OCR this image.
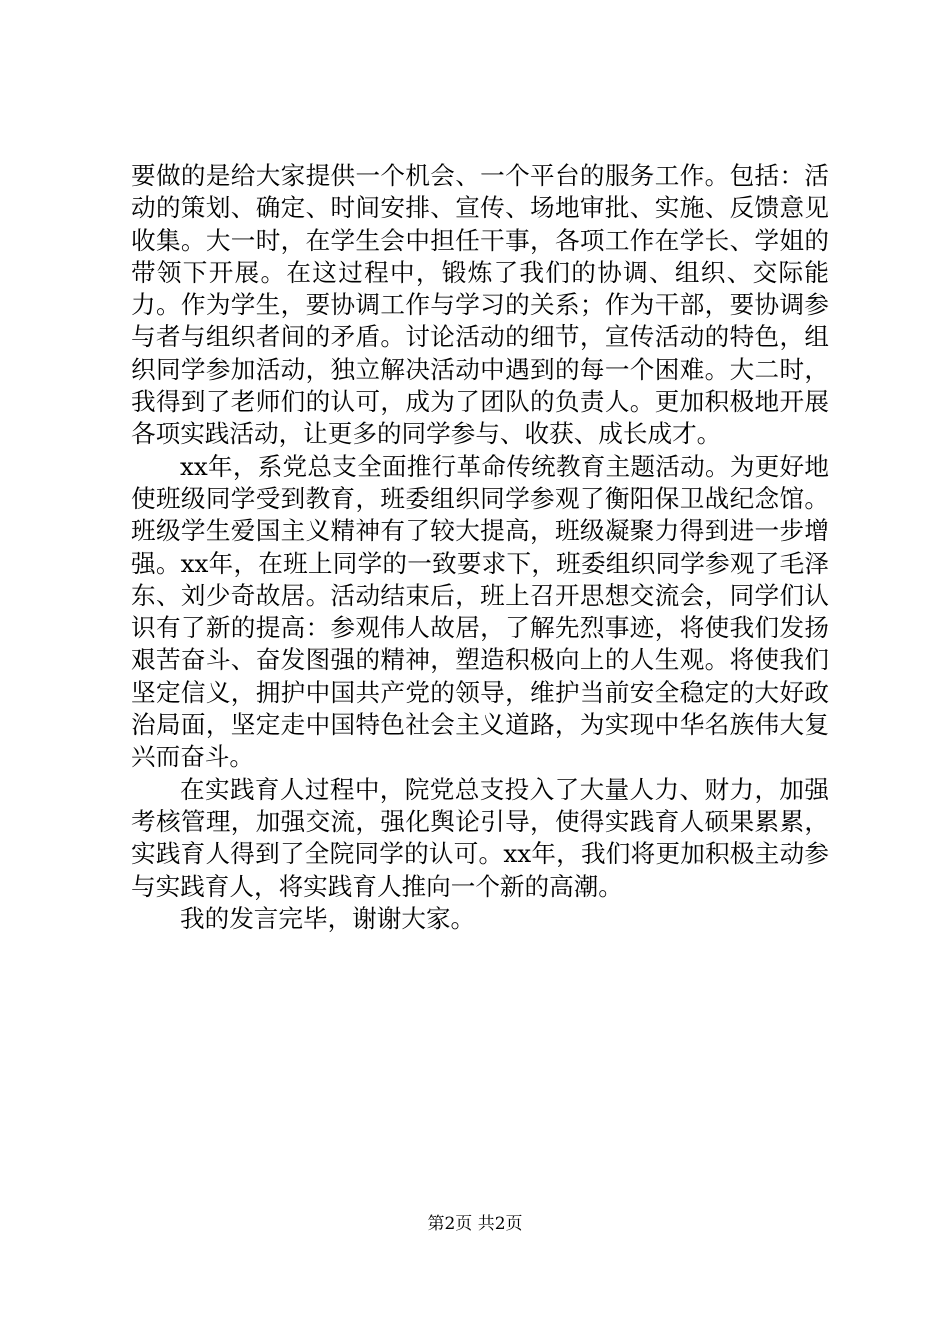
要做的是给大家提供一个机会、一个平台的服务工作。包括：活动的策划、确定、时间安排、宣传、场地审批、实施、反馈意见收集。大一时，在学生会中担任干事，各项工作在学长、学姐的带领下开展。在这过程中，锻炼了我们的协调、组织、交际能力。作为学生，要协调工作与学习的关系；作为干部，要协调参与者与组织者间的矛盾。讨论活动的细节，宣传活动的特色，组织同学参加活动，独立解决活动中遇到的每一个困难。大二时，我得到了老师们的认可，成为了团队的负责人。更加积极地开展各项实践活动，让更多的同学参与、收获、成长成才。

xx年，系党总支全面推行革命传统教育主题活动。为更好地使班级同学受到教育，班委组织同学参观了衡阳保卫战纪念馆。班级学生爱国主义精神有了较大提高，班级凝聚力得到进一步增强。xx年，在班上同学的一致要求下，班委组织同学参观了毛泽东、刘少奇故居。活动结束后，班上召开思想交流会，同学们认识有了新的提高：参观伟人故居，了解先烈事迹，将使我们发扬艰苦奋斗、奋发图强的精神，塑造积极向上的人生观。将使我们坚定信义，拥护中国共产党的领导，维护当前安全稳定的大好政治局面，坚定走中国特色社会主义道路，为实现中华名族伟大复兴而奋斗。

在实践育人过程中，院党总支投入了大量人力、财力，加强考核管理，加强交流，强化舆论引导，使得实践育人硕果累累，实践育人得到了全院同学的认可。xx年，我们将更加积极主动参与实践育人，将实践育人推向一个新的高潮。

我的发言完毕，谢谢大家。

第2页 共2页
